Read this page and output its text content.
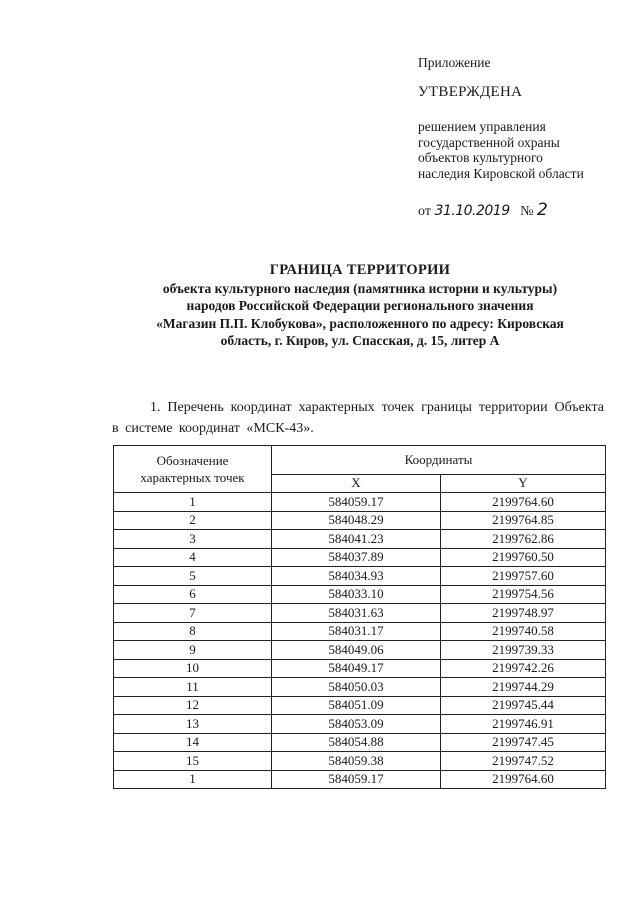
Приложение
УТВЕРЖДЕНА
решением управления
государственной охраны
объектов культурного
наследия Кировской области
от 31.10.2019 № 2
ГРАНИЦА ТЕРРИТОРИИ
объекта культурного наследия (памятника истории и культуры)
народов Российской Федерации регионального значения
«Магазин П.П. Клобукова», расположенного по адресу: Кировская
область, г. Киров, ул. Спасская, д. 15, литер А
1. Перечень координат характерных точек границы территории Объекта в системе координат «МСК-43».
Обозначение
характерных точек	Координаты	
	X	Y
1	584059.17	2199764.60
2	584048.29	2199764.85
3	584041.23	2199762.86
4	584037.89	2199760.50
5	584034.93	2199757.60
6	584033.10	2199754.56
7	584031.63	2199748.97
8	584031.17	2199740.58
9	584049.06	2199739.33
10	584049.17	2199742.26
11	584050.03	2199744.29
12	584051.09	2199745.44
13	584053.09	2199746.91
14	584054.88	2199747.45
15	584059.38	2199747.52
1	584059.17	2199764.60
